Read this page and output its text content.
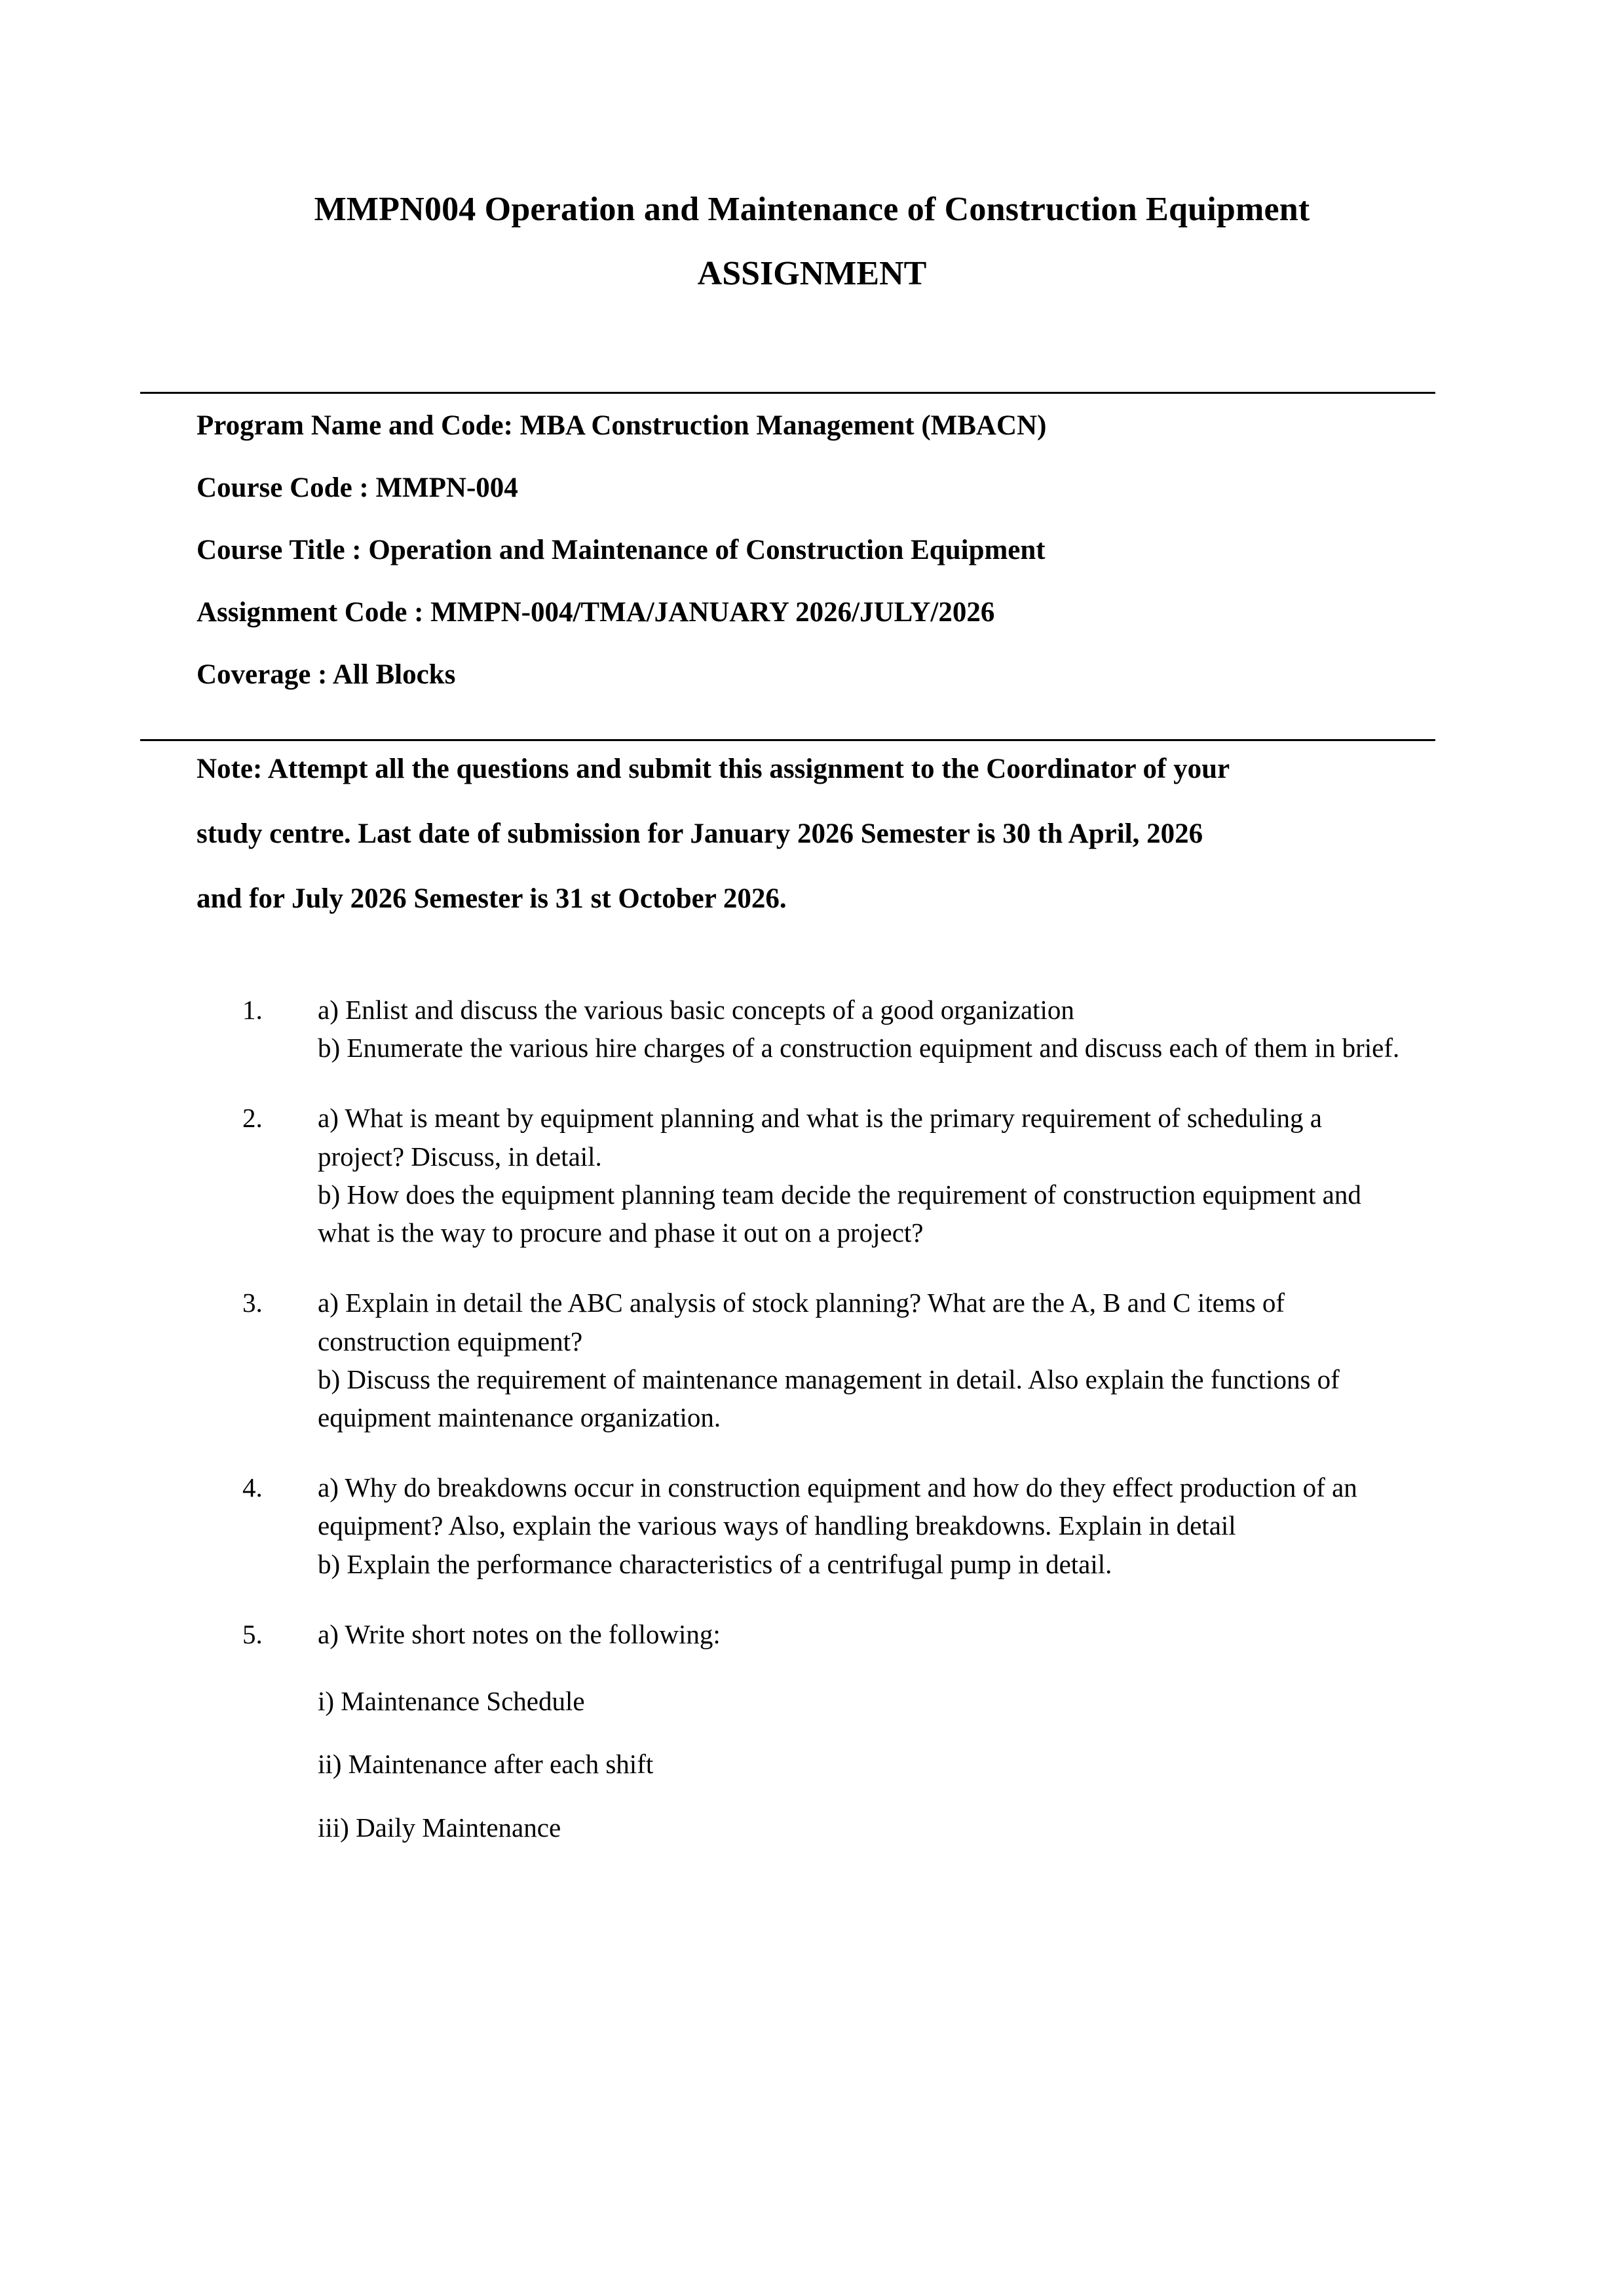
MMPN004 Operation and Maintenance of Construction Equipment
ASSIGNMENT

Program Name and Code: MBA Construction Management (MBACN)

Course Code : MMPN-004

Course Title : Operation and Maintenance of Construction Equipment

Assignment Code : MMPN-004/TMA/JANUARY 2026/JULY/2026

Coverage : All Blocks

Note: Attempt all the questions and submit this assignment to the Coordinator of your

study centre. Last date of submission for January 2026 Semester is 30 th April, 2026

and for July 2026 Semester is 31 st October 2026.

1.	a) Enlist and discuss the various basic concepts of a good organization

b) Enumerate the various hire charges of a construction equipment and discuss each of them in brief.

2.	a) What is meant by equipment planning and what is the primary requirement of scheduling a project? Discuss, in detail.

b) How does the equipment planning team decide the requirement of construction equipment and what is the way to procure and phase it out on a project?

3.	a) Explain in detail the ABC analysis of stock planning? What are the A, B and C items of construction equipment?

b) Discuss the requirement of maintenance management in detail. Also explain the functions of equipment maintenance organization.

4.	a) Why do breakdowns occur in construction equipment and how do they effect production of an equipment? Also, explain the various ways of handling breakdowns. Explain in detail

b) Explain the performance characteristics of a centrifugal pump in detail.

5.	a) Write short notes on the following:

i) Maintenance Schedule

ii) Maintenance after each shift

iii) Daily Maintenance
